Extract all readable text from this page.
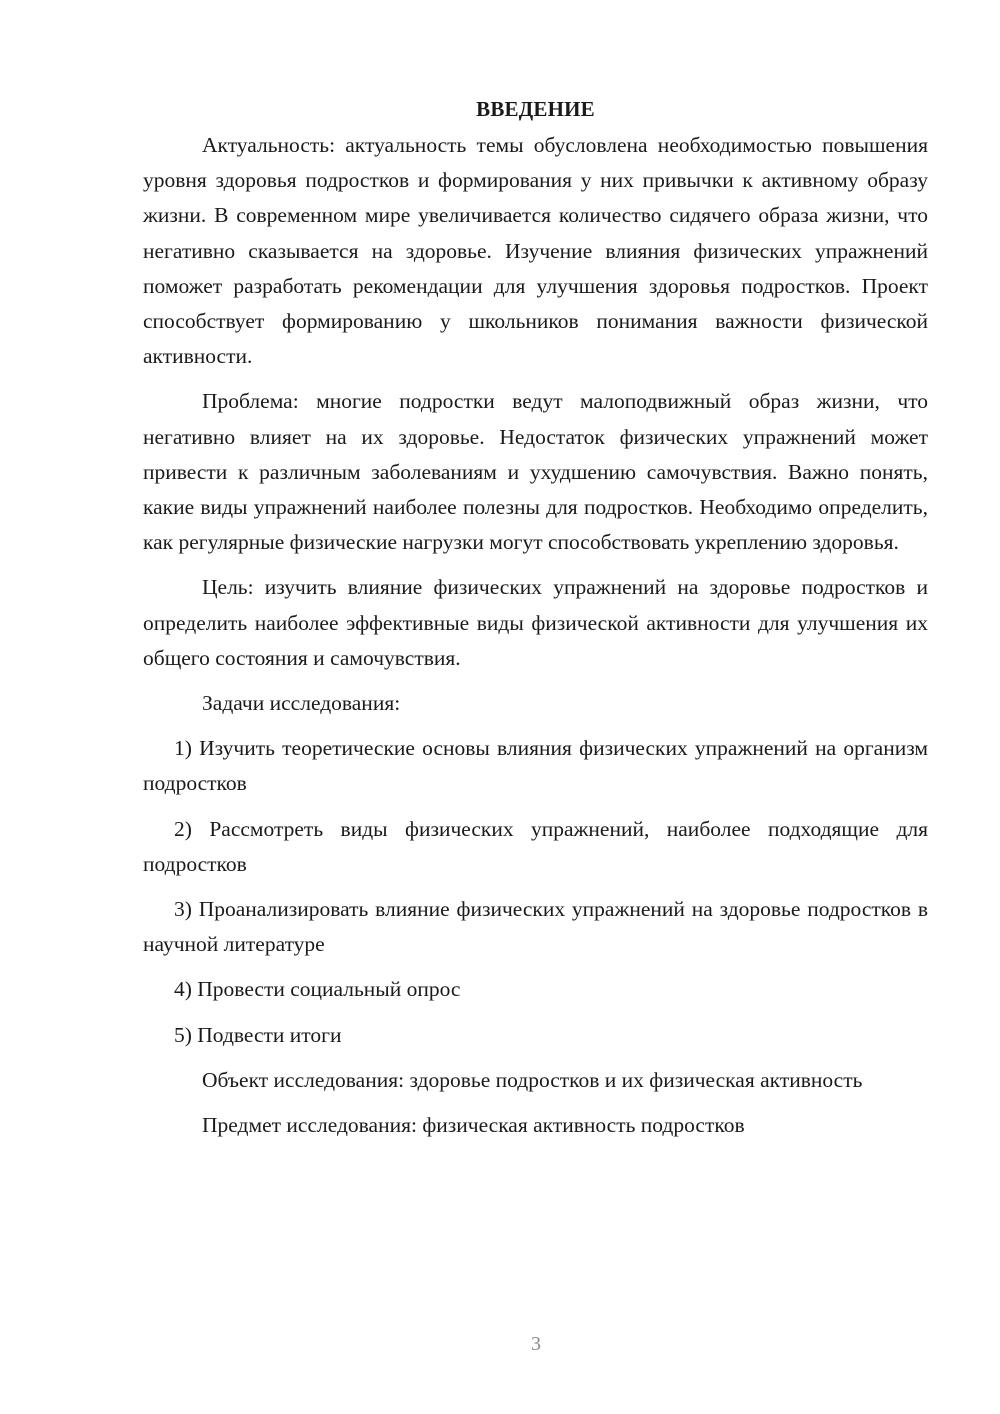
ВВЕДЕНИЕ

Актуальность: актуальность темы обусловлена необходимостью повышения уровня здоровья подростков и формирования у них привычки к активному образу жизни. В современном мире увеличивается количество сидячего образа жизни, что негативно сказывается на здоровье. Изучение влияния физических упражнений поможет разработать рекомендации для улучшения здоровья подростков. Проект способствует формированию у школьников понимания важности физической активности.

Проблема: многие подростки ведут малоподвижный образ жизни, что негативно влияет на их здоровье. Недостаток физических упражнений может привести к различным заболеваниям и ухудшению самочувствия. Важно понять, какие виды упражнений наиболее полезны для подростков. Необходимо определить, как регулярные физические нагрузки могут способствовать укреплению здоровья.

Цель: изучить влияние физических упражнений на здоровье подростков и определить наиболее эффективные виды физической активности для улучшения их общего состояния и самочувствия.

Задачи исследования:

1) Изучить теоретические основы влияния физических упражнений на организм подростков

2) Рассмотреть виды физических упражнений, наиболее подходящие для подростков

3) Проанализировать влияние физических упражнений на здоровье подростков в научной литературе

4) Провести социальный опрос

5) Подвести итоги

Объект исследования: здоровье подростков и их физическая активность

Предмет исследования: физическая активность подростков

3
